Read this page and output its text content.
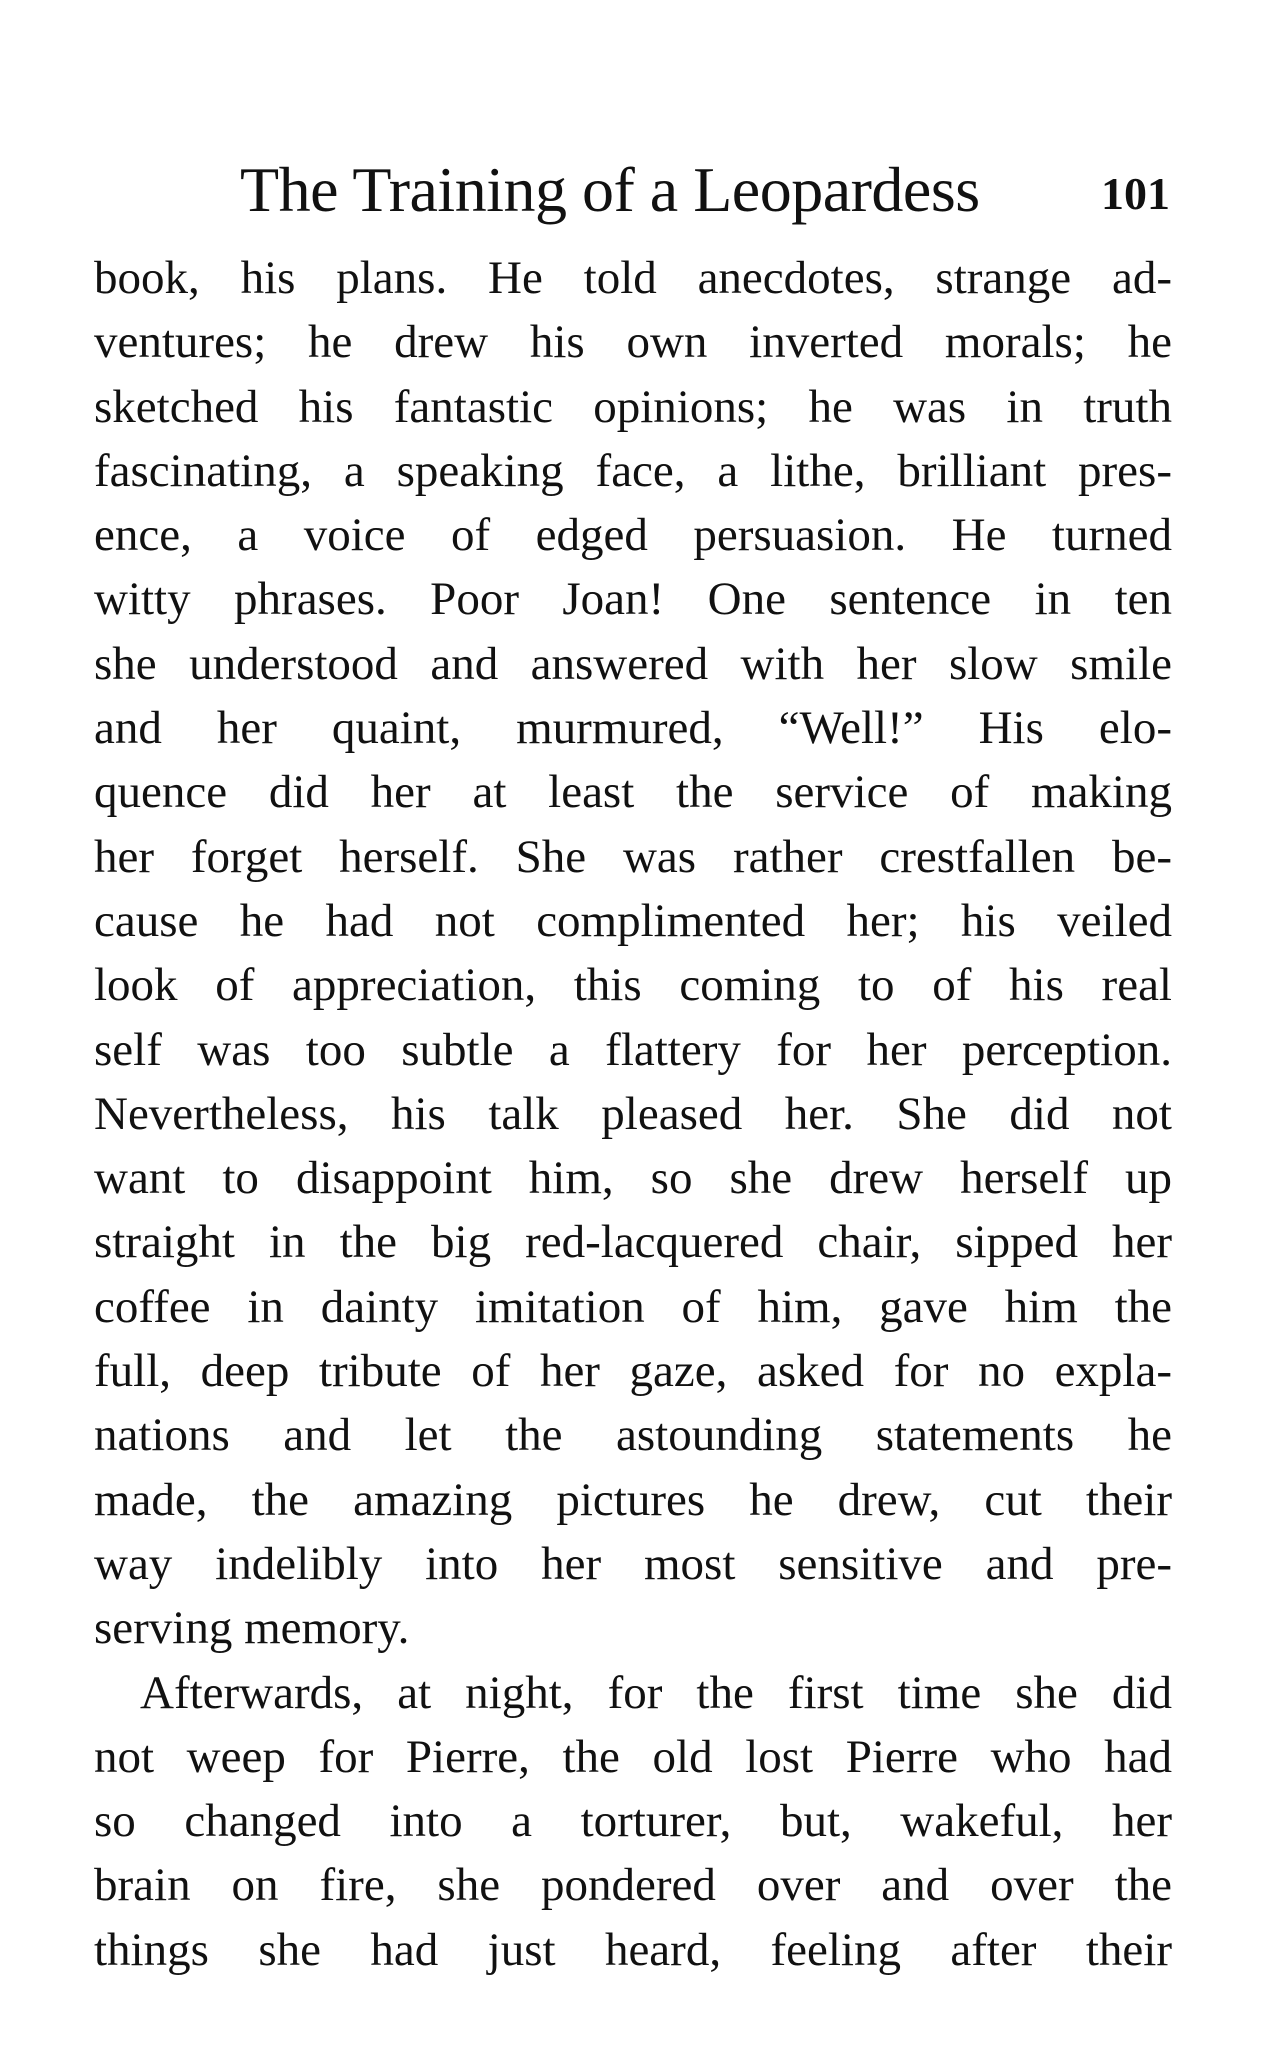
The Training of a Leopardess	101
book, his plans. He told anecdotes, strange ad-
ventures; he drew his own inverted morals; he
sketched his fantastic opinions; he was in truth
fascinating, a speaking face, a lithe, brilliant pres-
ence, a voice of edged persuasion. He turned
witty phrases. Poor Joan! One sentence in ten
she understood and answered with her slow smile
and her quaint, murmured, “Well!” His elo-
quence did her at least the service of making
her forget herself. She was rather crestfallen be-
cause he had not complimented her; his veiled
look of appreciation, this coming to of his real
self was too subtle a flattery for her perception.
Nevertheless, his talk pleased her. She did not
want to disappoint him, so she drew herself up
straight in the big red-lacquered chair, sipped her
coffee in dainty imitation of him, gave him the
full, deep tribute of her gaze, asked for no expla-
nations and let the astounding statements he
made, the amazing pictures he drew, cut their
way indelibly into her most sensitive and pre-
serving memory.
Afterwards, at night, for the first time she did
not weep for Pierre, the old lost Pierre who had
so changed into a torturer, but, wakeful, her
brain on fire, she pondered over and over the
things she had just heard, feeling after their
